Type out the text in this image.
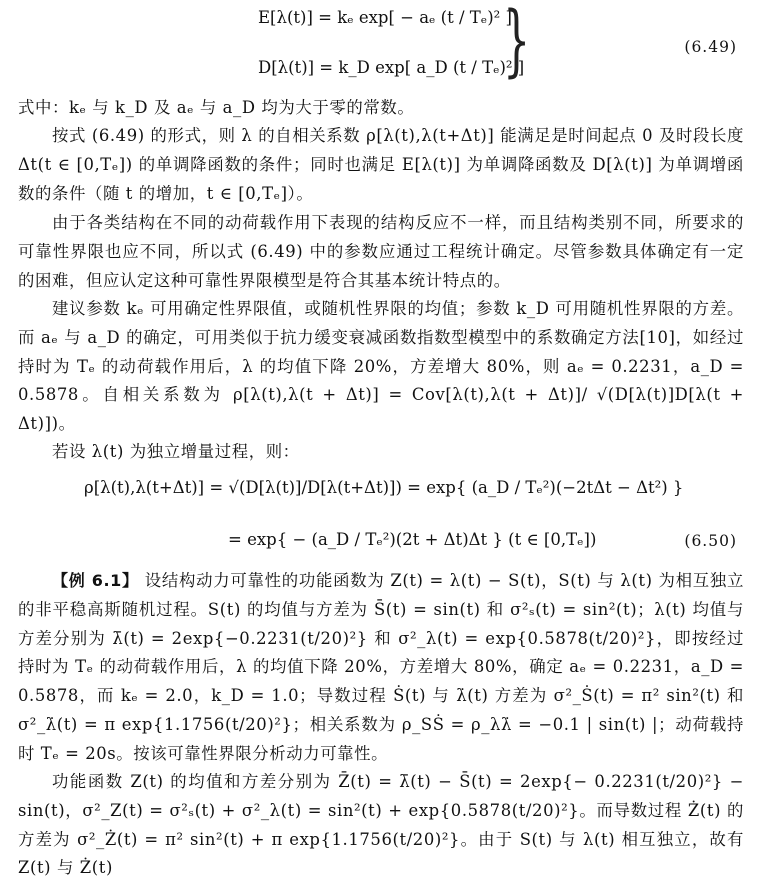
E[λ(t)] = kₑ exp[ − aₑ (t / Tₑ)² ]
D[λ(t)] = k_D exp[ a_D (t / Tₑ)² ]
}	(6.49)
式中：kₑ 与 k_D 及 aₑ 与 a_D 均为大于零的常数。
按式 (6.49) 的形式，则 λ 的自相关系数 ρ[λ(t),λ(t+Δt)] 能满足是时间起点 0 及时段长度 Δt(t ∈ [0,Tₑ]) 的单调降函数的条件；同时也满足 E[λ(t)] 为单调降函数及 D[λ(t)] 为单调增函数的条件（随 t 的增加，t ∈ [0,Tₑ]）。
由于各类结构在不同的动荷载作用下表现的结构反应不一样，而且结构类别不同，所要求的可靠性界限也应不同，所以式 (6.49) 中的参数应通过工程统计确定。尽管参数具体确定有一定的困难，但应认定这种可靠性界限模型是符合其基本统计特点的。
建议参数 kₑ 可用确定性界限值，或随机性界限的均值；参数 k_D 可用随机性界限的方差。而 aₑ 与 a_D 的确定，可用类似于抗力缓变衰减函数指数型模型中的系数确定方法[10]，如经过持时为 Tₑ 的动荷载作用后，λ 的均值下降 20%，方差增大 80%，则 aₑ = 0.2231，a_D = 0.5878。自相关系数为 ρ[λ(t),λ(t + Δt)] = Cov[λ(t),λ(t + Δt)]/ √(D[λ(t)]D[λ(t + Δt)])。
若设 λ(t) 为独立增量过程，则：
ρ[λ(t),λ(t+Δt)] = √(D[λ(t)]/D[λ(t+Δt)]) = exp{ (a_D / Tₑ²)(−2tΔt − Δt²) }
= exp{ − (a_D / Tₑ²)(2t + Δt)Δt } (t ∈ [0,Tₑ])	(6.50)
【例 6.1】 设结构动力可靠性的功能函数为 Z(t) = λ(t) − S(t)，S(t) 与 λ(t) 为相互独立的非平稳高斯随机过程。S(t) 的均值与方差为 S̄(t) = sin(t) 和 σ²ₛ(t) = sin²(t)；λ(t) 均值与方差分别为 λ̄(t) = 2exp{−0.2231(t/20)²} 和 σ²_λ(t) = exp{0.5878(t/20)²}，即按经过持时为 Tₑ 的动荷载作用后，λ 的均值下降 20%，方差增大 80%，确定 aₑ = 0.2231，a_D = 0.5878，而 kₑ = 2.0，k_D = 1.0；导数过程 Ṡ(t) 与 λ̇(t) 方差为 σ²_Ṡ(t) = π² sin²(t) 和 σ²_λ̇(t) = π exp{1.1756(t/20)²}；相关系数为 ρ_SṠ = ρ_λλ̇ = −0.1 | sin(t) |；动荷载持时 Tₑ = 20s。按该可靠性界限分析动力可靠性。
功能函数 Z(t) 的均值和方差分别为 Z̄(t) = λ̄(t) − S̄(t) = 2exp{− 0.2231(t/20)²} − sin(t)，σ²_Z(t) = σ²ₛ(t) + σ²_λ(t) = sin²(t) + exp{0.5878(t/20)²}。而导数过程 Ż(t) 的方差为 σ²_Ż(t) = π² sin²(t) + π exp{1.1756(t/20)²}。由于 S(t) 与 λ(t) 相互独立，故有 Z(t) 与 Ż(t)
